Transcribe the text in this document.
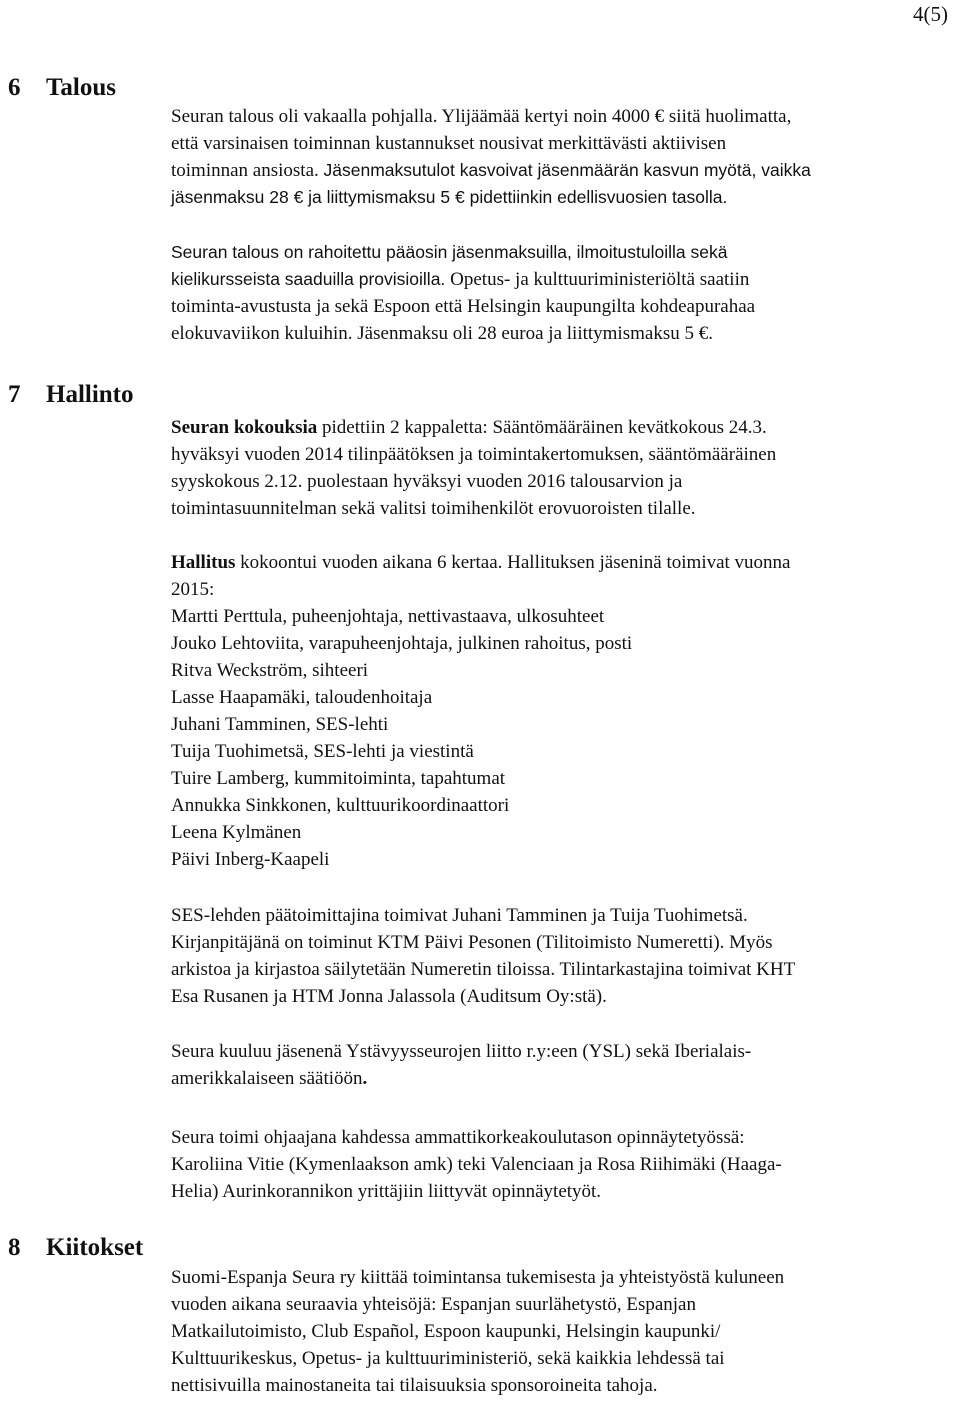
4(5)
6 Talous
7 Hallinto
8 Kiitokset
Seuran talous oli vakaalla pohjalla. Ylijäämää kertyi noin 4000 € siitä huolimatta,
että varsinaisen toiminnan kustannukset nousivat merkittävästi aktiivisen
toiminnan ansiosta. Jäsenmaksutulot kasvoivat jäsenmäärän kasvun myötä, vaikka
jäsenmaksu 28 € ja liittymismaksu 5 € pidettiinkin edellisvuosien tasolla.
Seuran talous on rahoitettu pääosin jäsenmaksuilla, ilmoitustuloilla sekä
kielikursseista saaduilla provisioilla. Opetus- ja kulttuuriministeriöltä saatiin
toiminta-avustusta ja sekä Espoon että Helsingin kaupungilta kohdeapurahaa
elokuvaviikon kuluihin. Jäsenmaksu oli 28 euroa ja liittymismaksu 5 €.
Seuran kokouksia pidettiin 2 kappaletta: Sääntömääräinen kevätkokous 24.3.
hyväksyi vuoden 2014 tilinpäätöksen ja toimintakertomuksen, sääntömääräinen
syyskokous 2.12. puolestaan hyväksyi vuoden 2016 talousarvion ja
toimintasuunnitelman sekä valitsi toimihenkilöt erovuoroisten tilalle.
Hallitus kokoontui vuoden aikana 6 kertaa. Hallituksen jäseninä toimivat vuonna
2015:
Martti Perttula, puheenjohtaja, nettivastaava, ulkosuhteet
Jouko Lehtoviita, varapuheenjohtaja, julkinen rahoitus, posti
Ritva Weckström, sihteeri
Lasse Haapamäki, taloudenhoitaja
Juhani Tamminen, SES-lehti
Tuija Tuohimetsä, SES-lehti ja viestintä
Tuire Lamberg, kummitoiminta, tapahtumat
Annukka Sinkkonen, kulttuurikoordinaattori
Leena Kylmänen
Päivi Inberg-Kaapeli
SES-lehden päätoimittajina toimivat Juhani Tamminen ja Tuija Tuohimetsä.
Kirjanpitäjänä on toiminut KTM Päivi Pesonen (Tilitoimisto Numeretti). Myös
arkistoa ja kirjastoa säilytetään Numeretin tiloissa. Tilintarkastajina toimivat KHT
Esa Rusanen ja HTM Jonna Jalassola (Auditsum Oy:stä).
Seura kuuluu jäsenenä Ystävyysseurojen liitto r.y:een (YSL) sekä Iberialais-
amerikkalaiseen säätiöön.
Seura toimi ohjaajana kahdessa ammattikorkeakoulutason opinnäytetyössä:
Karoliina Vitie (Kymenlaakson amk) teki Valenciaan ja Rosa Riihimäki (Haaga-
Helia) Aurinkorannikon yrittäjiin liittyvät opinnäytetyöt.
Suomi-Espanja Seura ry kiittää toimintansa tukemisesta ja yhteistyöstä kuluneen
vuoden aikana seuraavia yhteisöjä: Espanjan suurlähetystö, Espanjan
Matkailutoimisto, Club Español, Espoon kaupunki, Helsingin kaupunki/
Kulttuurikeskus, Opetus- ja kulttuuriministeriö, sekä kaikkia lehdessä tai
nettisivuilla mainostaneita tai tilaisuuksia sponsoroineita tahoja.
